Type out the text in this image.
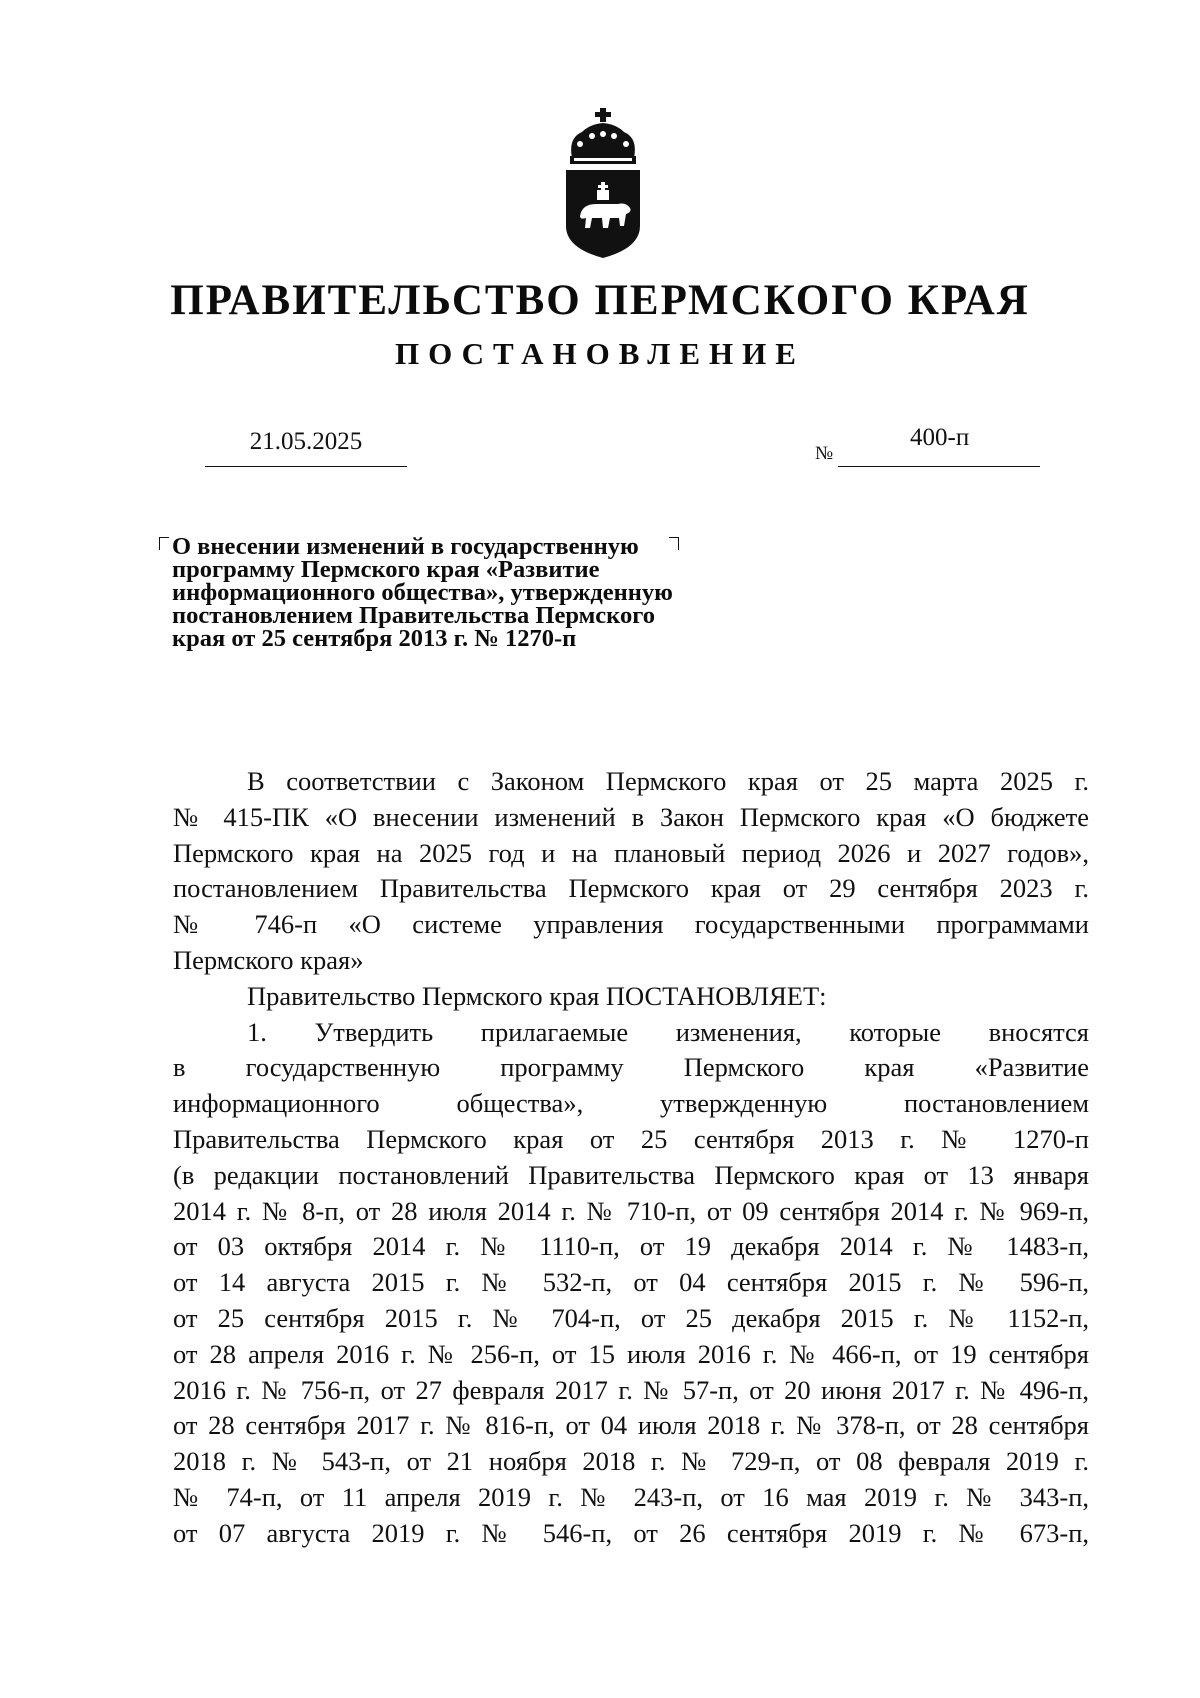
ПРАВИТЕЛЬСТВО ПЕРМСКОГО КРАЯ
ПОСТАНОВЛЕНИЕ
21.05.2025	№
400-п
О внесении изменений в государственную
программу Пермского края «Развитие
информационного общества», утвержденную
постановлением Правительства Пермского
края от 25 сентября 2013 г. № 1270-п
В соответствии с Законом Пермского края от 25 марта 2025 г.
№ 415-ПК «О внесении изменений в Закон Пермского края «О бюджете
Пермского края на 2025 год и на плановый период 2026 и 2027 годов»,
постановлением Правительства Пермского края от 29 сентября 2023 г.
№ 746-п «О системе управления государственными программами
Пермского края»
Правительство Пермского края ПОСТАНОВЛЯЕТ:
1. Утвердить прилагаемые изменения, которые вносятся
в государственную программу Пермского края «Развитие
информационного общества», утвержденную постановлением
Правительства Пермского края от 25 сентября 2013 г. № 1270-п
(в редакции постановлений Правительства Пермского края от 13 января
2014 г. № 8-п, от 28 июля 2014 г. № 710-п, от 09 сентября 2014 г. № 969-п,
от 03 октября 2014 г. № 1110-п, от 19 декабря 2014 г. № 1483-п,
от 14 августа 2015 г. № 532-п, от 04 сентября 2015 г. № 596-п,
от 25 сентября 2015 г. № 704-п, от 25 декабря 2015 г. № 1152-п,
от 28 апреля 2016 г. № 256-п, от 15 июля 2016 г. № 466-п, от 19 сентября
2016 г. № 756-п, от 27 февраля 2017 г. № 57-п, от 20 июня 2017 г. № 496-п,
от 28 сентября 2017 г. № 816-п, от 04 июля 2018 г. № 378-п, от 28 сентября
2018 г. № 543-п, от 21 ноября 2018 г. № 729-п, от 08 февраля 2019 г.
№ 74-п, от 11 апреля 2019 г. № 243-п, от 16 мая 2019 г. № 343-п,
от 07 августа 2019 г. № 546-п, от 26 сентября 2019 г. № 673-п,
